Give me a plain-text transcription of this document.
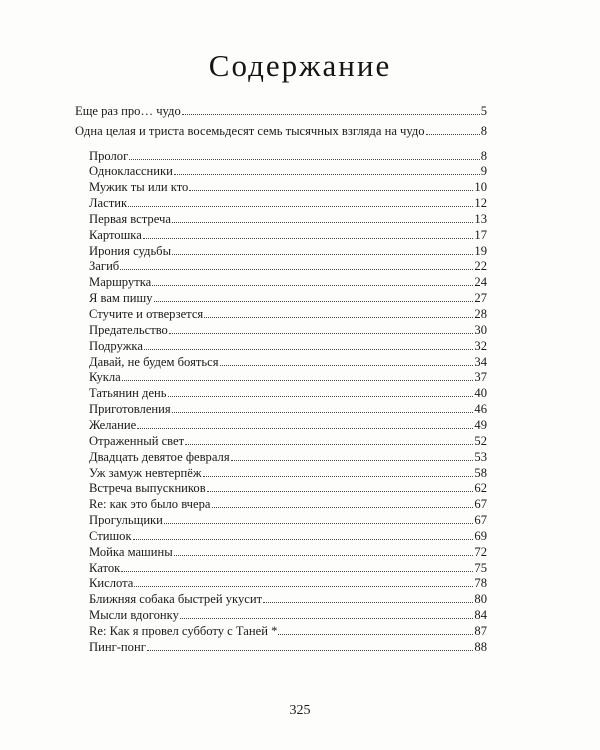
Содержание
Еще раз про… чудо	5
Одна целая и триста восемьдесят семь тысячных взгляда на чудо	8
Пролог	8
Одноклассники	9
Мужик ты или кто	10
Ластик	12
Первая встреча	13
Картошка	17
Ирония судьбы	19
Загиб	22
Маршрутка	24
Я вам пишу	27
Стучите и отверзется	28
Предательство	30
Подружка	32
Давай, не будем бояться	34
Кукла	37
Татьянин день	40
Приготовления	46
Желание	49
Отраженный свет	52
Двадцать девятое февраля	53
Уж замуж невтерпёж	58
Встреча выпускников	62
Re: как это было вчера	67
Прогульщики	67
Стишок	69
Мойка машины	72
Каток	75
Кислота	78
Ближняя собака быстрей укусит	80
Мысли вдогонку	84
Re: Как я провел субботу с Таней *	87
Пинг-понг	88
325
